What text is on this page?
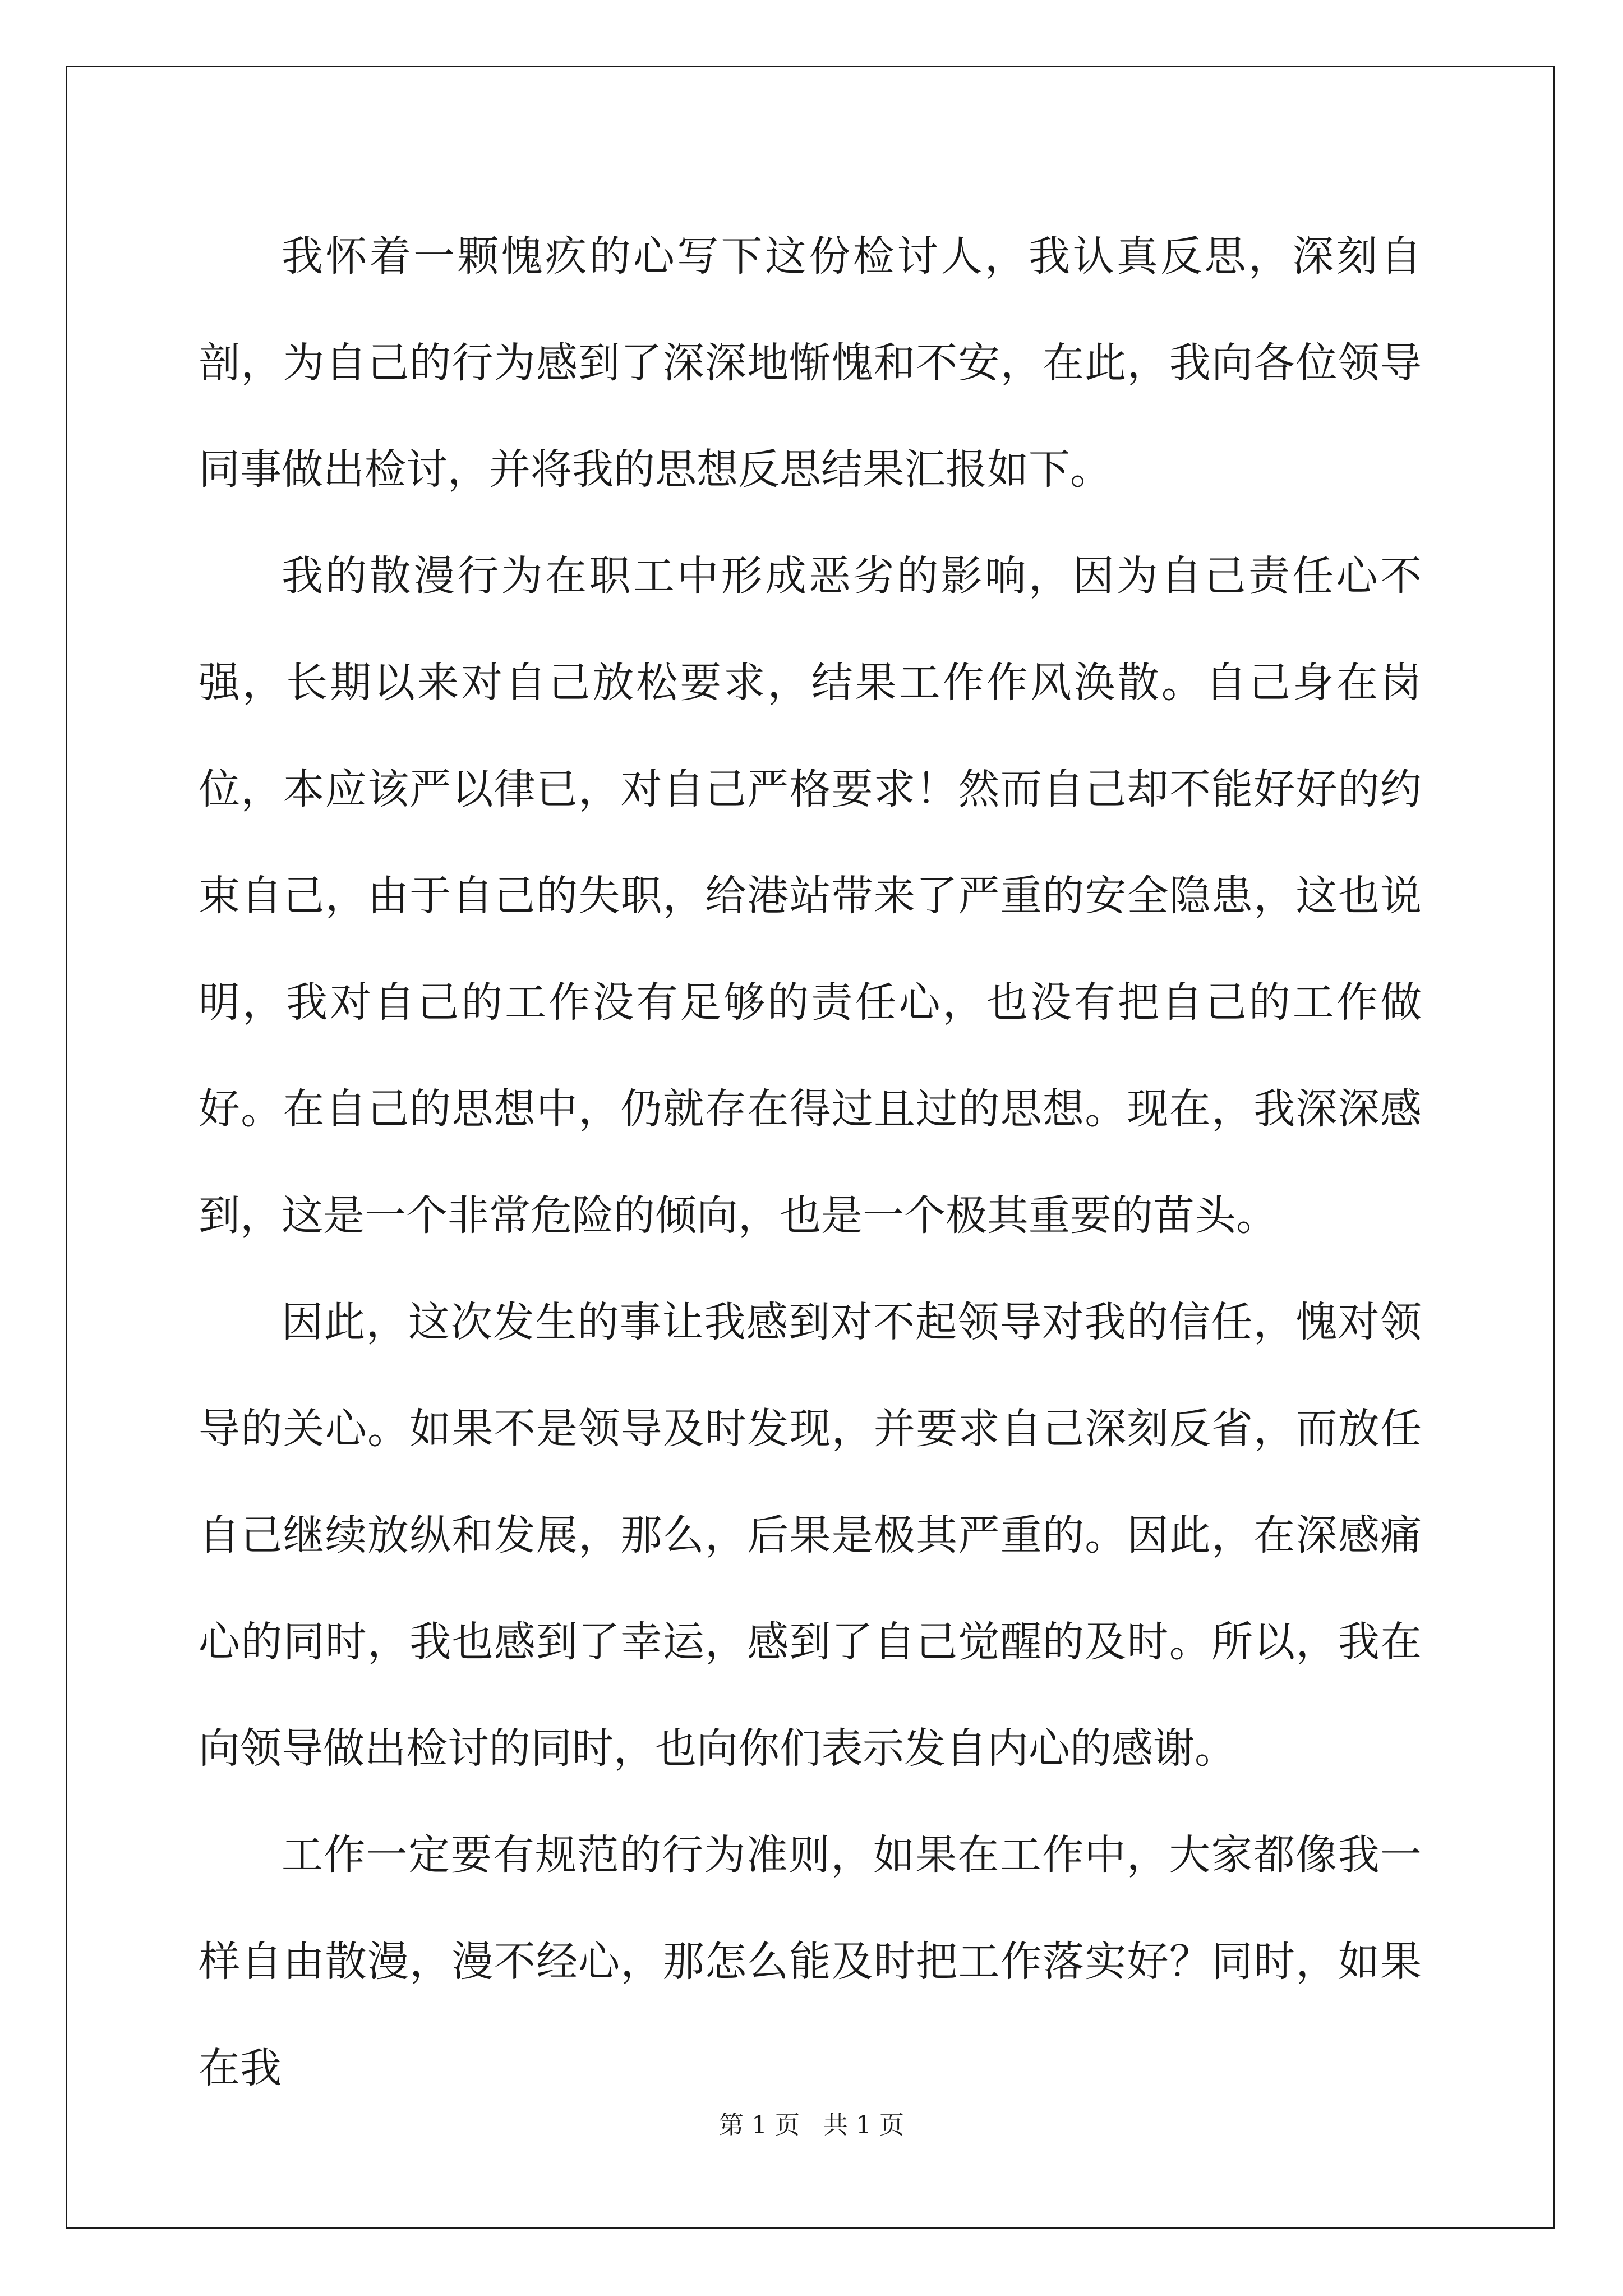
我怀着一颗愧疚的心写下这份检讨人，我认真反思，深刻自剖，为自己的行为感到了深深地惭愧和不安，在此，我向各位领导同事做出检讨，并将我的思想反思结果汇报如下。

我的散漫行为在职工中形成恶劣的影响，因为自己责任心不强，长期以来对自己放松要求，结果工作作风涣散。自己身在岗位，本应该严以律已，对自己严格要求！然而自己却不能好好的约束自己，由于自己的失职，给港站带来了严重的安全隐患，这也说明，我对自己的工作没有足够的责任心，也没有把自己的工作做好。在自己的思想中，仍就存在得过且过的思想。现在，我深深感到，这是一个非常危险的倾向，也是一个极其重要的苗头。

因此，这次发生的事让我感到对不起领导对我的信任，愧对领导的关心。如果不是领导及时发现，并要求自己深刻反省，而放任自己继续放纵和发展，那么，后果是极其严重的。因此，在深感痛心的同时，我也感到了幸运，感到了自己觉醒的及时。所以，我在向领导做出检讨的同时，也向你们表示发自内心的感谢。

工作一定要有规范的行为准则，如果在工作中，大家都像我一样自由散漫，漫不经心，那怎么能及时把工作落实好？同时，如果在我

第 1 页   共 1 页
